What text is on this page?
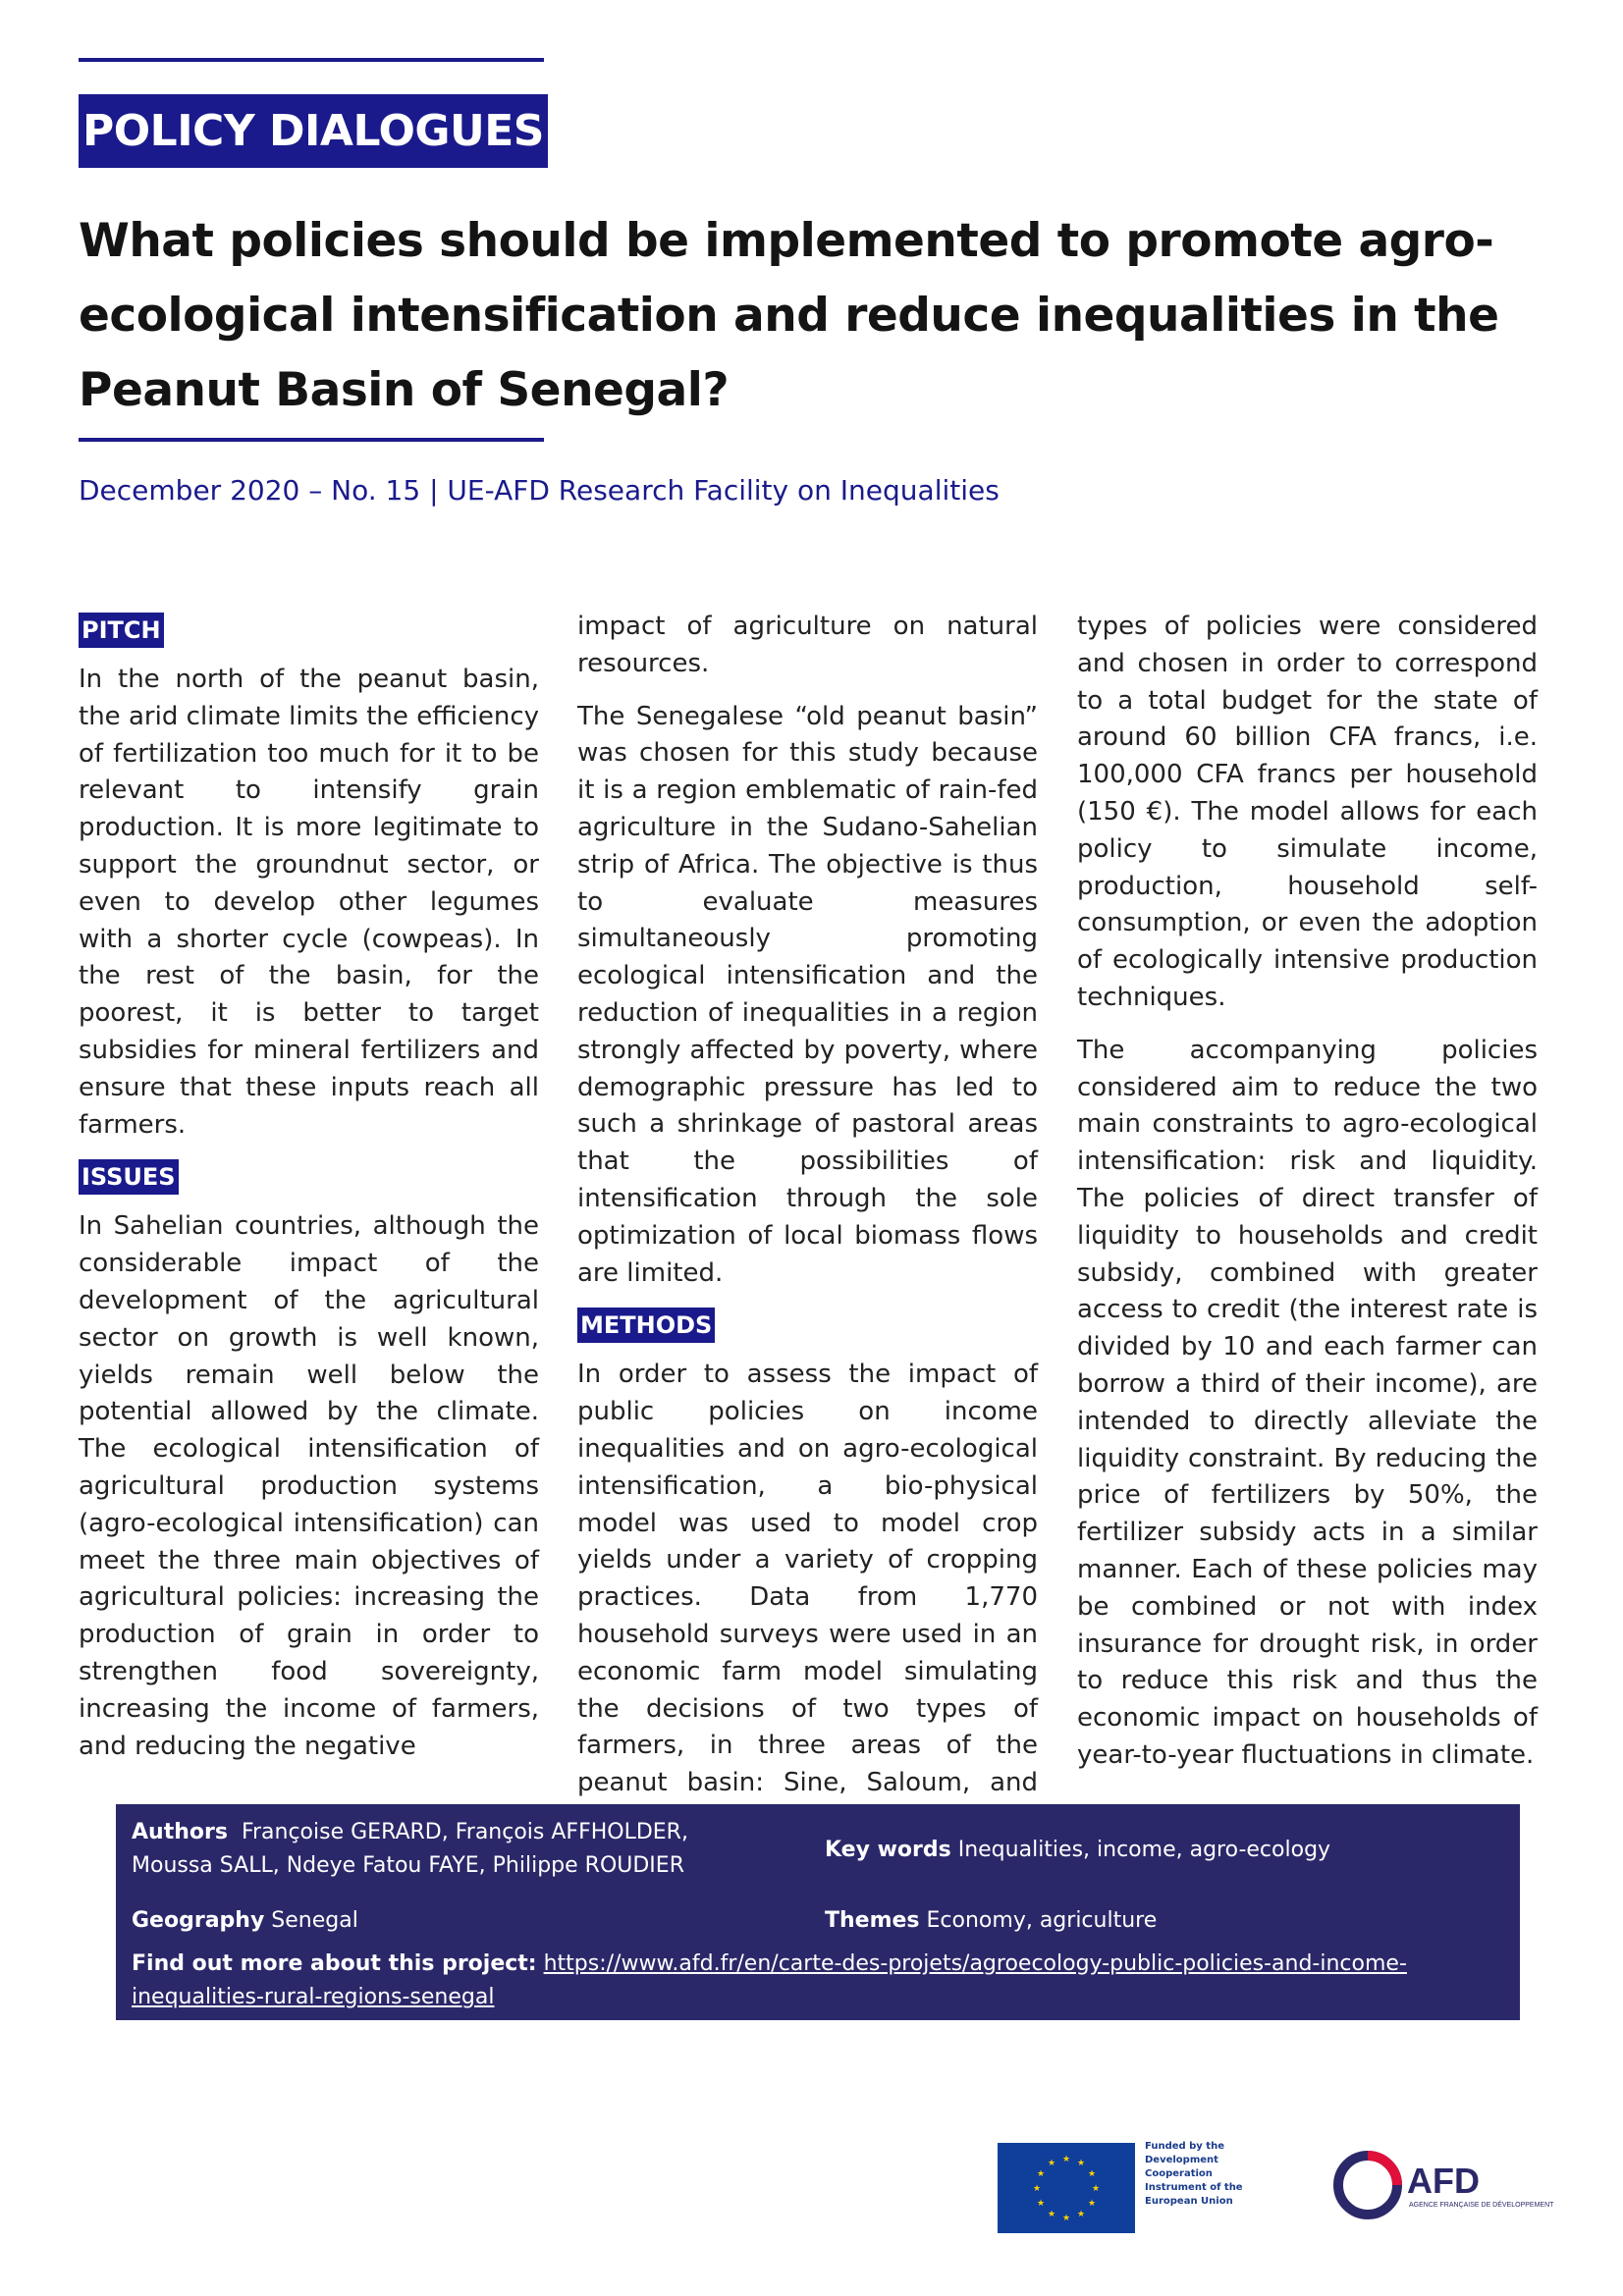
POLICY DIALOGUES
What policies should be implemented to promote agro-ecological intensification and reduce inequalities in the Peanut Basin of Senegal?
December 2020 – No. 15 | UE-AFD Research Facility on Inequalities
PITCH

In the north of the peanut basin, the arid climate limits the efficiency of fertilization too much for it to be relevant to intensify grain production. It is more legitimate to support the groundnut sector, or even to develop other legumes with a shorter cycle (cowpeas). In the rest of the basin, for the poorest, it is better to target subsidies for mineral fertilizers and ensure that these inputs reach all farmers.

ISSUES

In Sahelian countries, although the considerable impact of the development of the agricultural sector on growth is well known, yields remain well below the potential allowed by the climate. The ecological intensification of agricultural production systems (agro-ecological intensification) can meet the three main objectives of agricultural policies: increasing the production of grain in order to strengthen food sovereignty, increasing the income of farmers, and reducing the negative

impact of agriculture on natural resources.

The Senegalese “old peanut basin” was chosen for this study because it is a region emblematic of rain-fed agriculture in the Sudano-Sahelian strip of Africa. The objective is thus to evaluate measures simultaneously promoting ecological intensification and the reduction of inequalities in a region strongly affected by poverty, where demographic pressure has led to such a shrinkage of pastoral areas that the possibilities of intensification through the sole optimization of local biomass flows are limited.

METHODS

In order to assess the impact of public policies on income inequalities and on agro-ecological intensification, a bio-physical model was used to model crop yields under a variety of cropping practices. Data from 1,770 household surveys were used in an economic farm model simulating the decisions of two types of farmers, in three areas of the peanut basin: Sine, Saloum, and

types of policies were considered and chosen in order to correspond to a total budget for the state of around 60 billion CFA francs, i.e. 100,000 CFA francs per household (150 €). The model allows for each policy to simulate income, production, household self-consumption, or even the adoption of ecologically intensive production techniques.

The accompanying policies considered aim to reduce the two main constraints to agro-ecological intensification: risk and liquidity. The policies of direct transfer of liquidity to households and credit subsidy, combined with greater access to credit (the interest rate is divided by 10 and each farmer can borrow a third of their income), are intended to directly alleviate the liquidity constraint. By reducing the price of fertilizers by 50%, the fertilizer subsidy acts in a similar manner. Each of these policies may be combined or not with index insurance for drought risk, in order to reduce this risk and thus the economic impact on households of year-to-year fluctuations in climate.

Authors Françoise GERARD, François AFFHOLDER, Moussa SALL, Ndeye Fatou FAYE, Philippe ROUDIER
Key words Inequalities, income, agro-ecology
Geography Senegal	Themes Economy, agriculture
Find out more about this project: https://www.afd.fr/en/carte-des-projets/agroecology-public-policies-and-income-inequalities-rural-regions-senegal
★
★
★
★
★
★
★
★
★ ★ ★
★
Funded by the Development Cooperation Instrument of the European Union
AFD
AGENCE FRANÇAISE DE DÉVELOPPEMENT
